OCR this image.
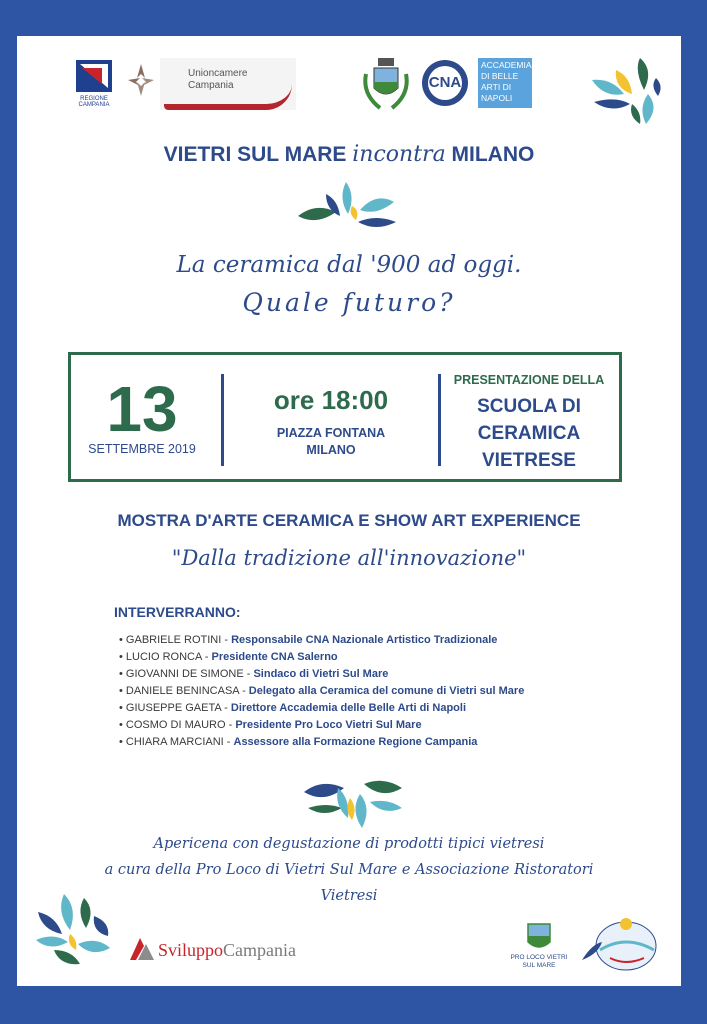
REGIONE CAMPANIA
Unioncamere Campania	CNA
ACCADEMIA DI BELLE ARTI DI NAPOLI
VIETRI SUL MARE incontra MILANO
La ceramica dal '900 ad oggi.
Quale futuro?
13
SETTEMBRE 2019
ore 18:00
PIAZZA FONTANA
MILANO
PRESENTAZIONE DELLA
SCUOLA DI
CERAMICA
VIETRESE
MOSTRA D'ARTE CERAMICA E SHOW ART EXPERIENCE
"Dalla tradizione all'innovazione"
INTERVERRANNO:
• GABRIELE ROTINI - Responsabile CNA Nazionale Artistico Tradizionale
• LUCIO RONCA - Presidente CNA Salerno
• GIOVANNI DE SIMONE - Sindaco di Vietri Sul Mare
• DANIELE BENINCASA - Delegato alla Ceramica del comune di Vietri sul Mare
• GIUSEPPE GAETA - Direttore Accademia delle Belle Arti di Napoli
• COSMO DI MAURO - Presidente Pro Loco Vietri Sul Mare
• CHIARA MARCIANI - Assessore alla Formazione Regione Campania
Apericena con degustazione di prodotti tipici vietresi
a cura della Pro Loco di Vietri Sul Mare e Associazione Ristoratori
Vietresi
SviluppoCampania	PRO LOCO VIETRI SUL MARE
